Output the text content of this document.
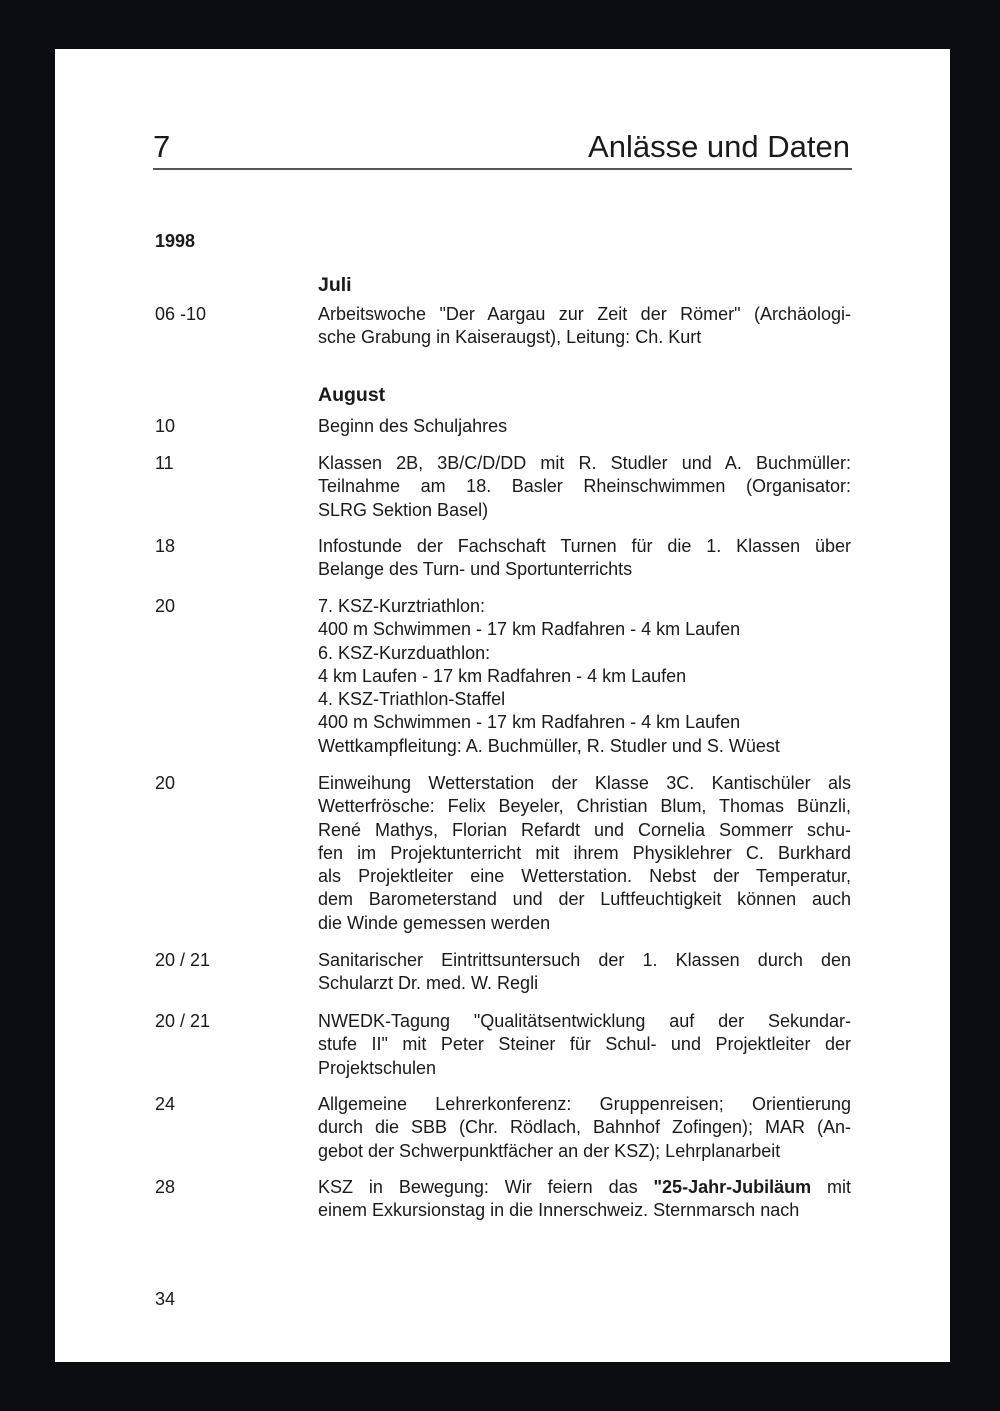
7	Anlässe und Daten
1998
Juli
August
06 -10	Arbeitswoche "Der Aargau zur Zeit der Römer" (Archäologi-
sche Grabung in Kaiseraugst), Leitung: Ch. Kurt
10	Beginn des Schuljahres
11	Klassen 2B, 3B/C/D/DD mit R. Studler und A. Buchmüller:
Teilnahme am 18. Basler Rheinschwimmen (Organisator:
SLRG Sektion Basel)
18	Infostunde der Fachschaft Turnen für die 1. Klassen über
Belange des Turn- und Sportunterrichts
20	7. KSZ-Kurztriathlon:
400 m Schwimmen - 17 km Radfahren - 4 km Laufen
6. KSZ-Kurzduathlon:
4 km Laufen - 17 km Radfahren - 4 km Laufen
4. KSZ-Triathlon-Staffel
400 m Schwimmen - 17 km Radfahren - 4 km Laufen
Wettkampfleitung: A. Buchmüller, R. Studler und S. Wüest
20	Einweihung Wetterstation der Klasse 3C. Kantischüler als
Wetterfrösche: Felix Beyeler, Christian Blum, Thomas Bünzli,
René Mathys, Florian Refardt und Cornelia Sommerr schu-
fen im Projektunterricht mit ihrem Physiklehrer C. Burkhard
als Projektleiter eine Wetterstation. Nebst der Temperatur,
dem Barometerstand und der Luftfeuchtigkeit können auch
die Winde gemessen werden
20 / 21	Sanitarischer Eintrittsuntersuch der 1. Klassen durch den
Schularzt Dr. med. W. Regli
20 / 21	NWEDK-Tagung "Qualitätsentwicklung auf der Sekundar-
stufe II" mit Peter Steiner für Schul- und Projektleiter der
Projektschulen
24	Allgemeine Lehrerkonferenz: Gruppenreisen; Orientierung
durch die SBB (Chr. Rödlach, Bahnhof Zofingen); MAR (An-
gebot der Schwerpunktfächer an der KSZ); Lehrplanarbeit
28	KSZ in Bewegung: Wir feiern das "25-Jahr-Jubiläum mit
einem Exkursionstag in die Innerschweiz. Sternmarsch nach
34
